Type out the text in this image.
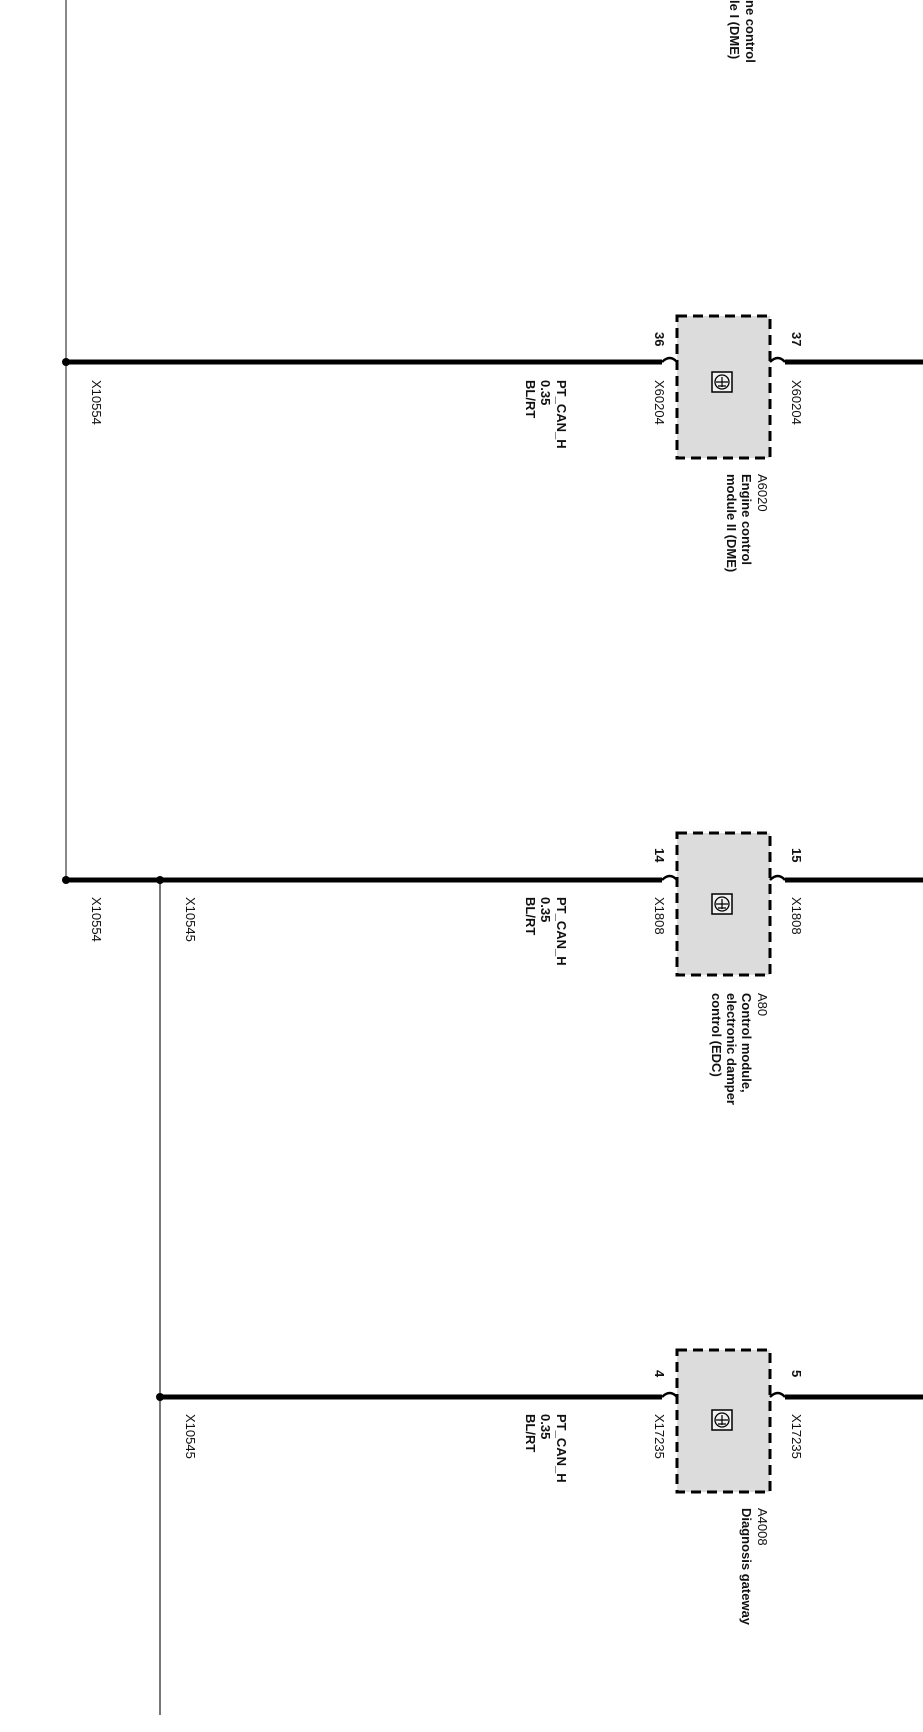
ne control
le I (DME)
36	37
X60204	X60204
A6020
Engine control
module II (DME)
PT_CAN_H
0.35
BL/RT
X10554
14	15
X1808	X1808
A80
Control module,
electronic damper
control (EDC)
PT_CAN_H
0.35
BL/RT
X10554	X10545
4	5
X17235	X17235
A4008
Diagnosis gateway
PT_CAN_H
0.35
BL/RT
X10545
